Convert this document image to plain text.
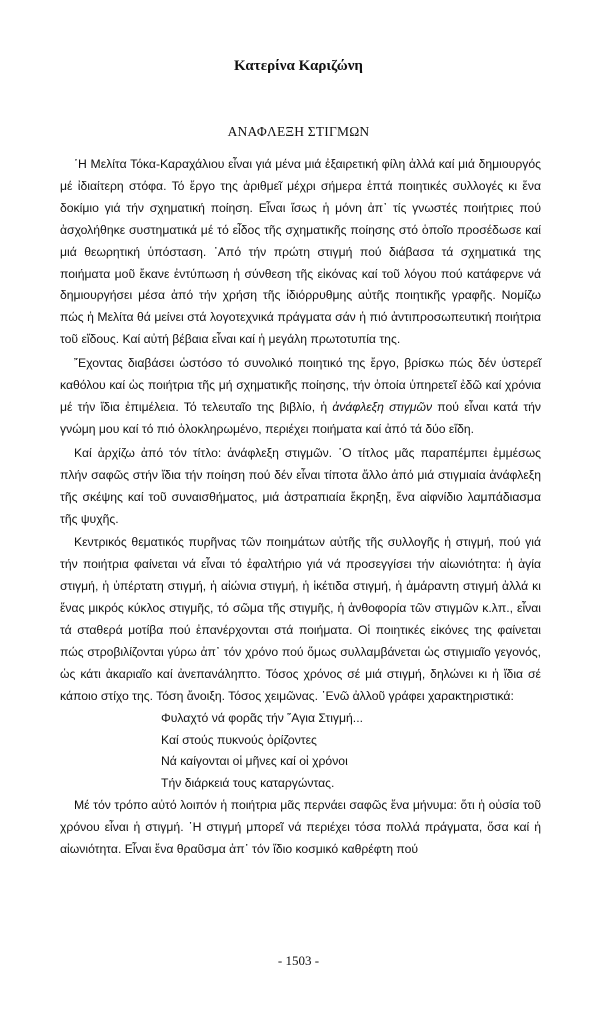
Κατερίνα Καριζώνη
ΑΝΑΦΛΕΞΗ ΣΤΙΓΜΩΝ

῾Η Μελίτα Τόκα-Καραχάλιου εἶναι γιά μένα μιά ἐξαιρετική φίλη ἀλλά καί μιά δημιουργός μέ ἰδιαίτερη στόφα. Τό ἔργο της ἀριθμεῖ μέχρι σήμερα ἑπτά ποιητικές συλλογές κι ἕνα δοκίμιο γιά τήν σχηματική ποίηση. Εἶναι ἴσως ἡ μόνη ἀπ᾿ τίς γνωστές ποιήτριες πού ἀσχολήθηκε συστηματικά μέ τό εἶδος τῆς σχηματικῆς ποίησης στό ὁποῖο προσέδωσε καί μιά θεωρητική ὑπόσταση. ᾿Από τήν πρώτη στιγμή πού διάβασα τά σχηματικά της ποιήματα μοῦ ἔκανε ἐντύπωση ἡ σύνθεση τῆς εἰκόνας καί τοῦ λόγου πού κατάφερνε νά δημιουργήσει μέσα ἀπό τήν χρήση τῆς ἰδιόρρυθμης αὐτῆς ποιητικῆς γραφῆς. Νομίζω πώς ἡ Μελίτα θά μείνει στά λογοτεχνικά πράγματα σάν ἡ πιό ἀντιπροσωπευτική ποιήτρια τοῦ εἴδους. Καί αὐτή βέβαια εἶναι καί ἡ μεγάλη πρωτοτυπία της.

῎Εχοντας διαβάσει ὡστόσο τό συνολικό ποιητικό της ἔργο, βρίσκω πώς δέν ὑστερεῖ καθόλου καί ὡς ποιήτρια τῆς μή σχηματικῆς ποίησης, τήν ὁποία ὑπηρετεῖ ἐδῶ καί χρόνια μέ τήν ἴδια ἐπιμέλεια. Τό τελευταῖο της βιβλίο, ἡ ἀνάφλεξη στιγμῶν πού εἶναι κατά τήν γνώμη μου καί τό πιό ὁλοκληρωμένο, περιέχει ποιήματα καί ἀπό τά δύο εἴδη.

Καί ἀρχίζω ἀπό τόν τίτλο: ἀνάφλεξη στιγμῶν. ῾Ο τίτλος μᾶς παραπέμπει ἐμμέσως πλήν σαφῶς στήν ἴδια τήν ποίηση πού δέν εἶναι τίποτα ἄλλο ἀπό μιά στιγμιαία ἀνάφλεξη τῆς σκέψης καί τοῦ συναισθήματος, μιά ἀστραπιαία ἔκρηξη, ἕνα αἰφνίδιο λαμπάδιασμα τῆς ψυχῆς.

Κεντρικός θεματικός πυρῆνας τῶν ποιημάτων αὐτῆς τῆς συλλογῆς ἡ στιγμή, πού γιά τήν ποιήτρια φαίνεται νά εἶναι τό ἐφαλτήριο γιά νά προσεγγίσει τήν αἰωνιότητα: ἡ ἁγία στιγμή, ἡ ὑπέρτατη στιγμή, ἡ αἰώνια στιγμή, ἡ ἱκέτιδα στιγμή, ἡ ἀμάραντη στιγμή ἀλλά κι ἕνας μικρός κύκλος στιγμῆς, τό σῶμα τῆς στιγμῆς, ἡ ἀνθοφορία τῶν στιγμῶν κ.λπ., εἶναι τά σταθερά μοτίβα πού ἐπανέρχονται στά ποιήματα. Οἱ ποιητικές εἰκόνες της φαίνεται πώς στροβιλίζονται γύρω ἀπ᾿ τόν χρόνο πού ὅμως συλλαμβάνεται ὡς στιγμιαῖο γεγονός, ὡς κάτι ἀκαριαῖο καί ἀνεπανάληπτο. Τόσος χρόνος σέ μιά στιγμή, δηλώνει κι ἡ ἴδια σέ κάποιο στίχο της. Τόση ἄνοιξη. Τόσος χειμῶνας. ᾿Ενῶ ἀλλοῦ γράφει χαρακτηριστικά:

Φυλαχτό νά φορᾶς τήν ῞Αγια Στιγμή...
Καί στούς πυκνούς ὁρίζοντες
Νά καίγονται οἱ μῆνες καί οἱ χρόνοι
Τήν διάρκειά τους καταργώντας.

Μέ τόν τρόπο αὐτό λοιπόν ἡ ποιήτρια μᾶς περνάει σαφῶς ἕνα μήνυμα: ὅτι ἡ οὐσία τοῦ χρόνου εἶναι ἡ στιγμή. ῾Η στιγμή μπορεῖ νά περιέχει τόσα πολλά πράγματα, ὅσα καί ἡ αἰωνιότητα. Εἶναι ἕνα θραῦσμα ἀπ᾿ τόν ἴδιο κοσμικό καθρέφτη πού

- 1503 -
